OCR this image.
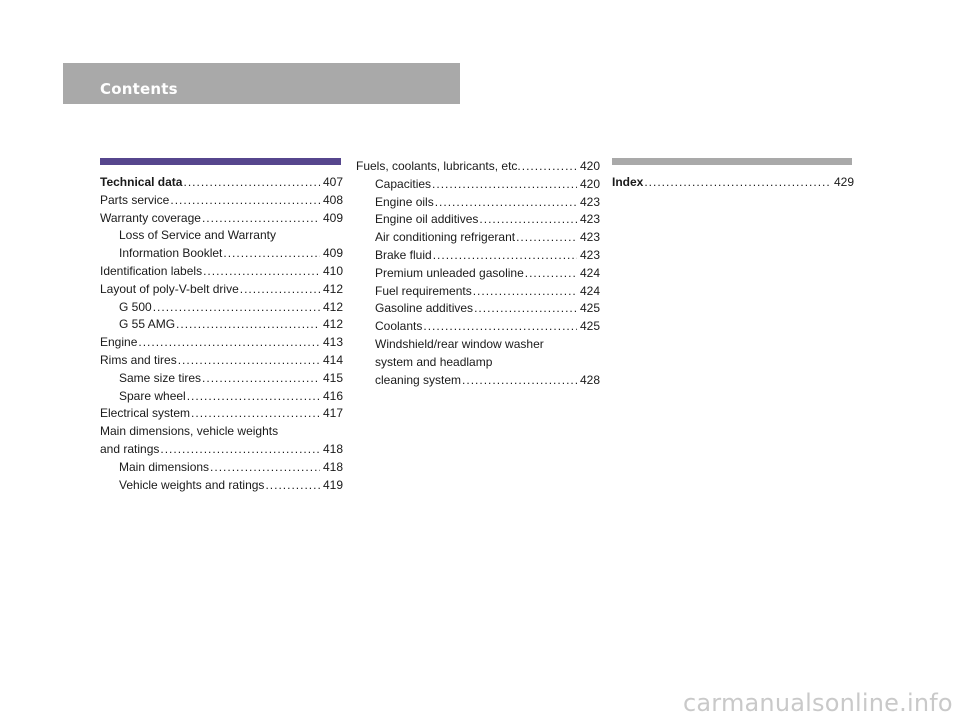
Contents
Technical data .....	407
Parts service .....	408
Warranty coverage .....	409
Loss of Service and Warranty
Information Booklet .....	409
Identification labels .....	410
Layout of poly-V-belt drive .....	412
G 500 .....	412
G 55 AMG .....	412
Engine .....	413
Rims and tires .....	414
Same size tires .....	415
Spare wheel .....	416
Electrical system .....	417
Main dimensions, vehicle weights
and ratings .....	418
Main dimensions .....	418
Vehicle weights and ratings .....	419
Fuels, coolants, lubricants, etc. .....	420
Capacities .....	420
Engine oils .....	423
Engine oil additives .....	423
Air conditioning refrigerant .....	423
Brake fluid .....	423
Premium unleaded gasoline .....	424
Fuel requirements .....	424
Gasoline additives .....	425
Coolants .....	425
Windshield/rear window washer
system and headlamp
cleaning system .....	428
Index .....	429
carmanualsonline.info
